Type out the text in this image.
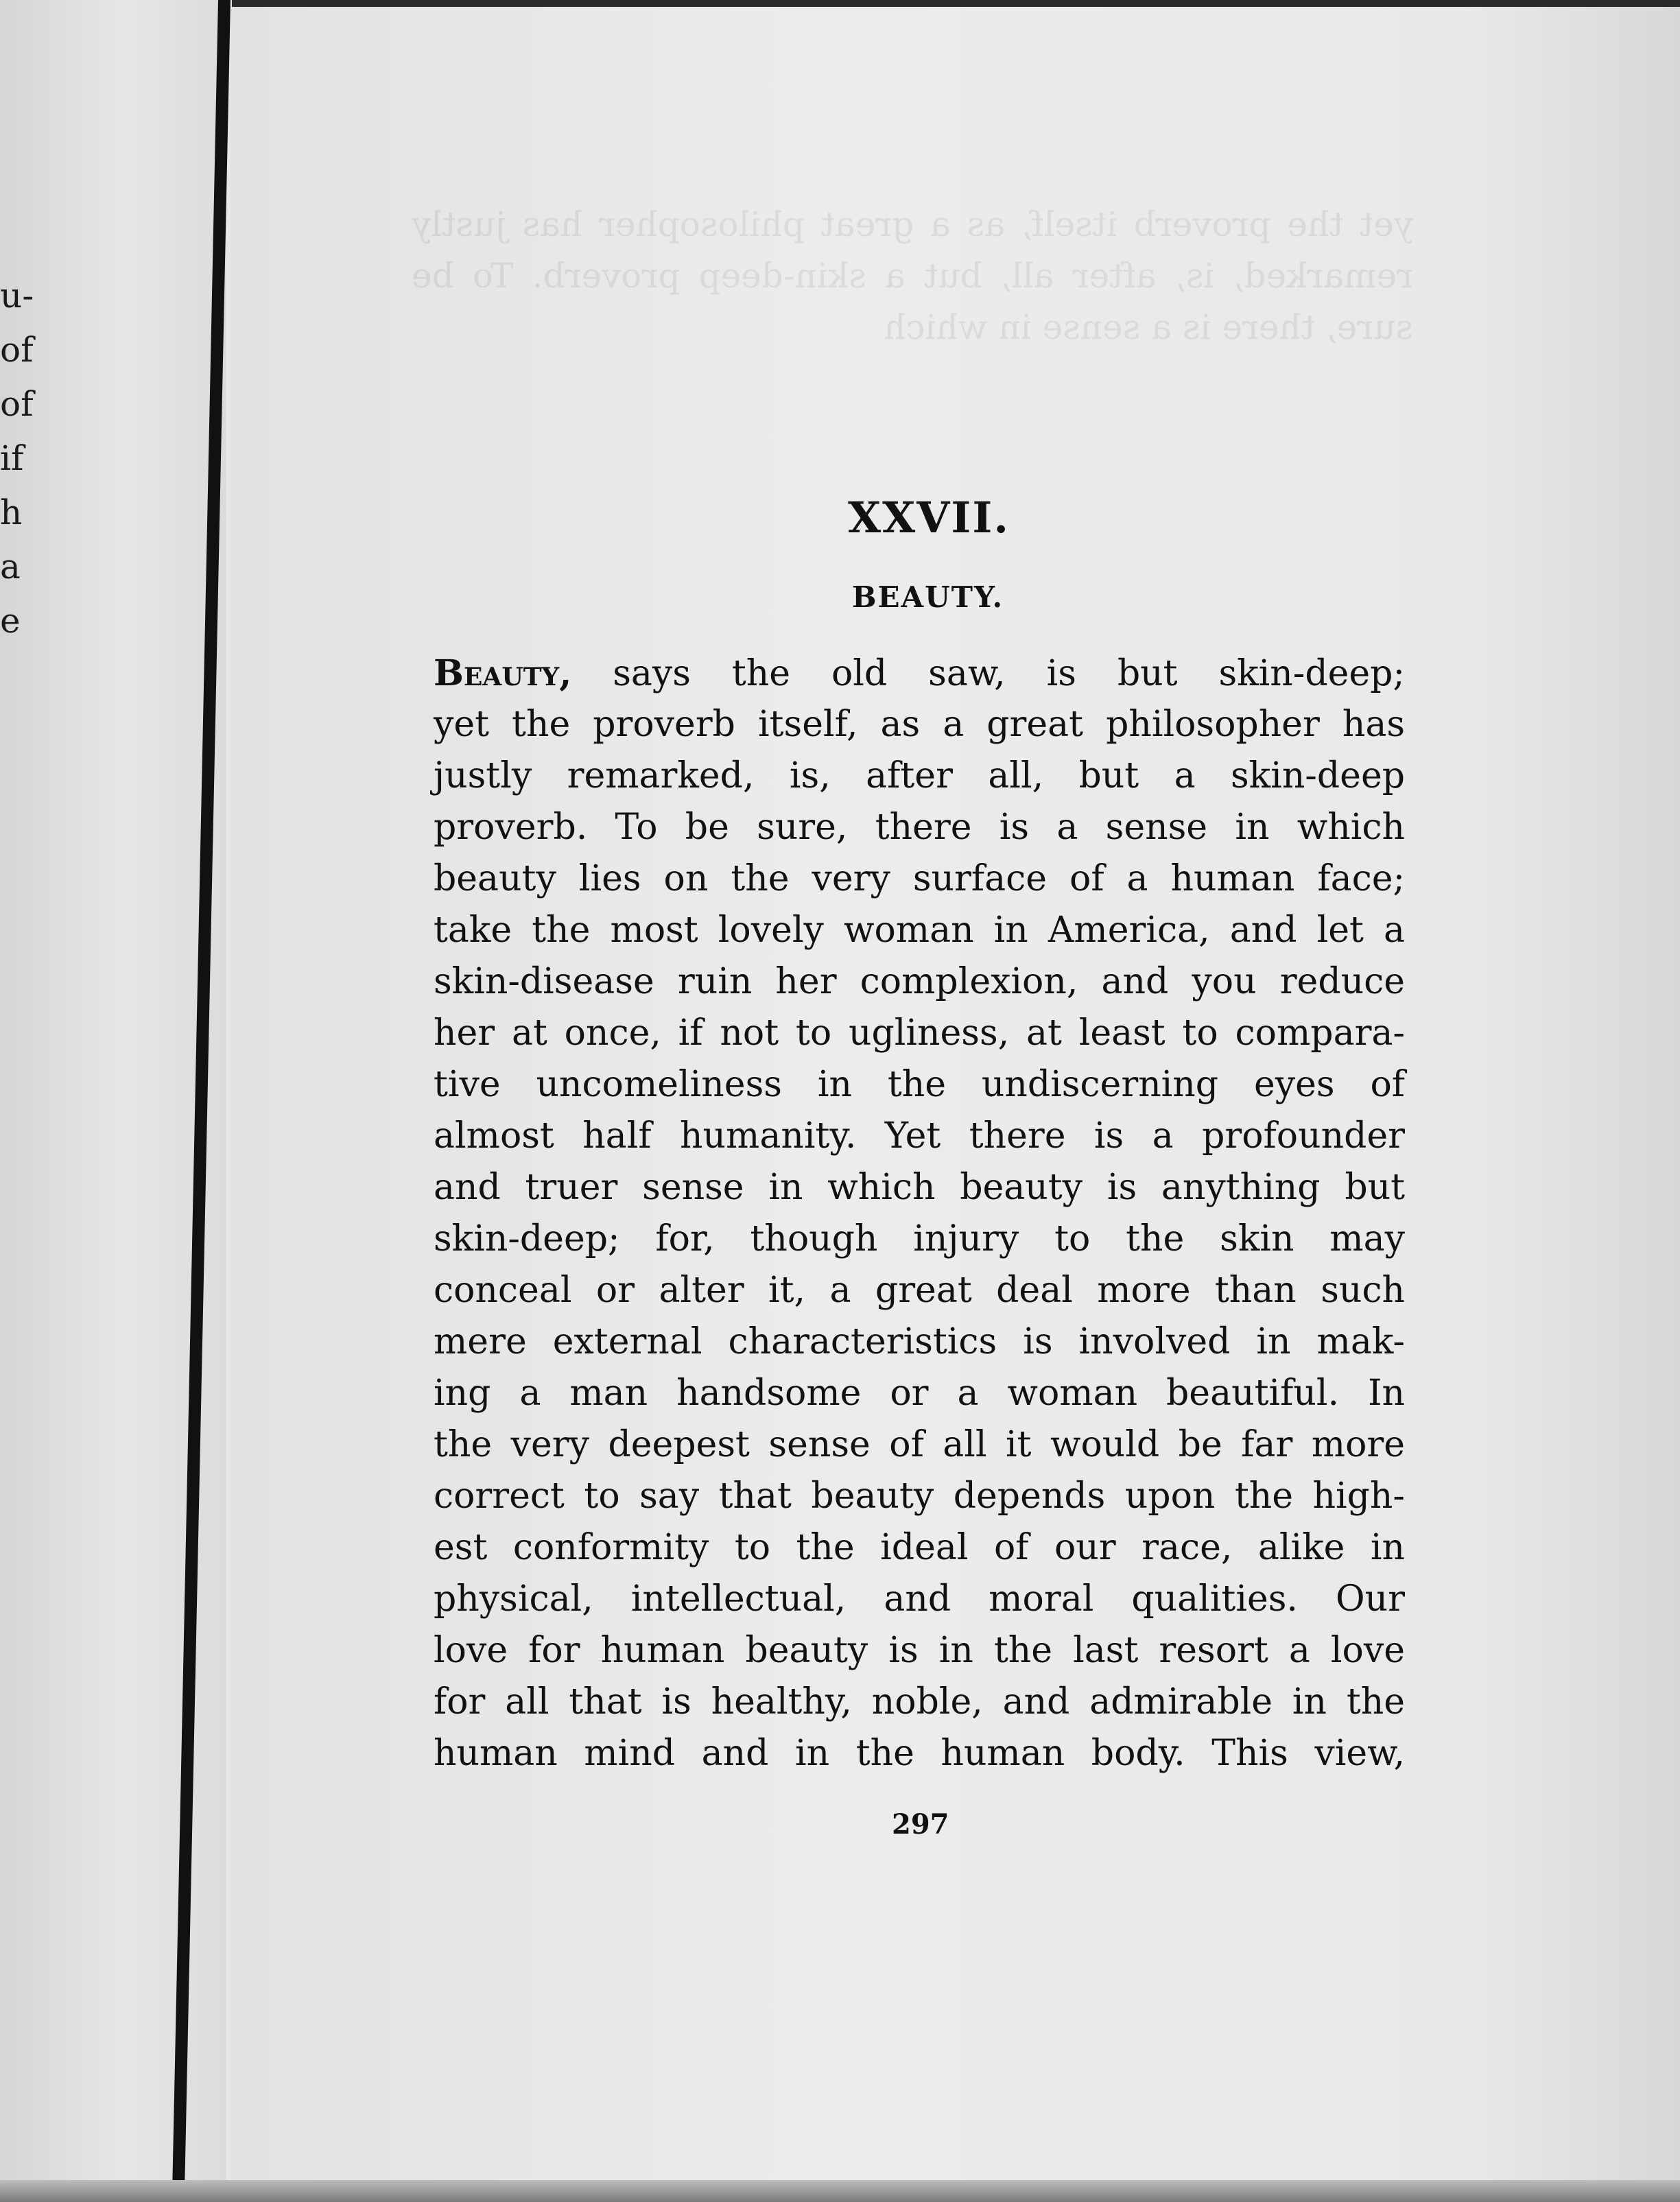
u-
of
of
if
h
a
e
yet the proverb itself, as a great philosopher has justly remarked, is, after all, but a skin-deep proverb. To be sure, there is a sense in which
XXVII.
BEAUTY.
Beauty, says the old saw, is but skin-deep;
yet the proverb itself, as a great philosopher has
justly remarked, is, after all, but a skin-deep
proverb. To be sure, there is a sense in which
beauty lies on the very surface of a human face;
take the most lovely woman in America, and let a
skin-disease ruin her complexion, and you reduce
her at once, if not to ugliness, at least to compara-
tive uncomeliness in the undiscerning eyes of
almost half humanity. Yet there is a profounder
and truer sense in which beauty is anything but
skin-deep; for, though injury to the skin may
conceal or alter it, a great deal more than such
mere external characteristics is involved in mak-
ing a man handsome or a woman beautiful. In
the very deepest sense of all it would be far more
correct to say that beauty depends upon the high-
est conformity to the ideal of our race, alike in
physical, intellectual, and moral qualities. Our
love for human beauty is in the last resort a love
for all that is healthy, noble, and admirable in the
human mind and in the human body. This view,
297
